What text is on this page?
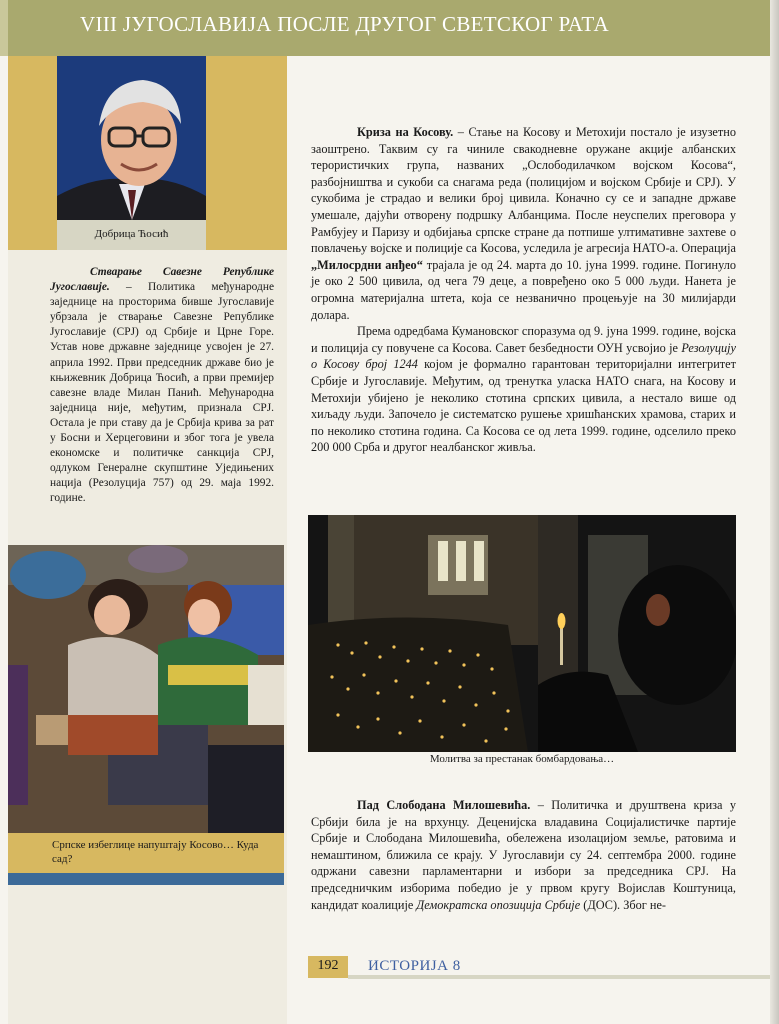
VIII ЈУГОСЛАВИЈА ПОСЛЕ ДРУГОГ СВЕТСКОГ РАТА
Добрица Ћосић

Стварање Савезне Републике Југославије. – Политика међународне заједнице на просторима бивше Југославије убрзала је стварање Савезне Републике Југославије (СРЈ) од Србије и Црне Горе. Устав нове државне заједнице усвојен је 27. априла 1992. Први председник државе био је књижевник Добрица Ћосић, а први премијер савезне владе Милан Панић. Међународна заједница није, међутим, признала СРЈ. Остала је при ставу да је Србија крива за рат у Босни и Херцеговини и због тога је увела економске и политичке санкција СРЈ, одлуком Генералне скупштине Уједињених нација (Резолуција 757) од 29. маја 1992. године.

Српске избеглице напуштају Косово… Куда сад?

Криза на Косову. – Стање на Косову и Метохији постало је изузетно заоштрено. Таквим су га чиниле свакодневне оружане акције албанских терористичких група, названих „Ослободилачком војском Косова“, разбојништва и сукоби са снагама реда (полицијом и војском Србије и СРЈ). У сукобима је страдао и велики број цивила. Коначно су се и западне државе умешале, дајући отворену подршку Албанцима. После неуспелих преговора у Рамбујеу и Паризу и одбијања српске стране да потпише ултимативне захтеве о повлачењу војске и полиције са Косова, уследила је агресија НАТО-а. Операција „Милосрдни анђео“ трајала је од 24. марта до 10. јуна 1999. године. Погинуло је око 2 500 цивила, од чега 79 деце, а повређено око 5 000 људи. Нанета је огромна материјална штета, која се незванично процењује на 30 милијарди долара.

Према одредбама Кумановског споразума од 9. јуна 1999. године, војска и полиција су повучене са Косова. Савет безбедности ОУН усвојио је Резолуцију о Косову број 1244 којом је формално гарантован територијални интегритет Србије и Југославије. Међутим, од тренутка уласка НАТО снага, на Косову и Метохији убијено је неколико стотина српских цивила, а нестало више од хиљаду људи. Започело је систематско рушење хришћанских храмова, старих и по неколико стотина година. Са Косова се од лета 1999. године, одселило преко 200 000 Срба и другог неалбанског живља.

Молитва за престанак бомбардовања…

Пад Слободана Милошевића. – Политичка и друштвена криза у Србији била је на врхунцу. Деценијска владавина Социјалистичке партије Србије и Слободана Милошевића, обележена изолацијом земље, ратовима и немаштином, ближила се крају. У Југославији су 24. септембра 2000. године одржани савезни парламентарни и избори за председника СРЈ. На председничким изборима победио је у првом кругу Војислав Коштуница, кандидат коалиције Демократска опозиција Србије (ДОС). Због не-

192	ИСТОРИЈА 8
